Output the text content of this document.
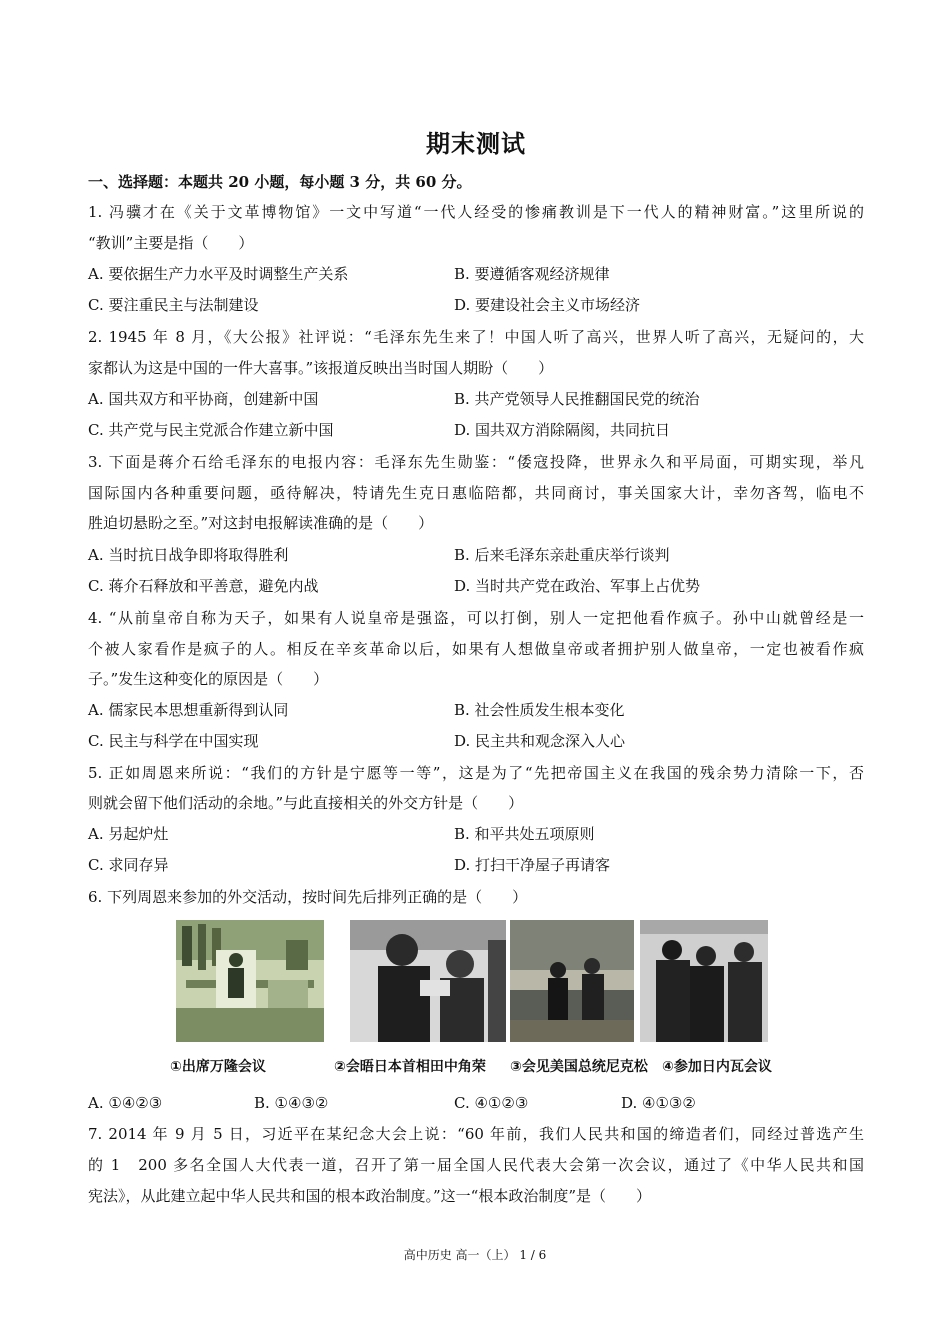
期末测试
一、选择题：本题共 20 小题，每小题 3 分，共 60 分。
1. 冯骥才在《关于文革博物馆》一文中写道“一代人经受的惨痛教训是下一代人的精神财富。”这里所说的
“教训”主要是指（　　）
A. 要依据生产力水平及时调整生产关系	B. 要遵循客观经济规律
C. 要注重民主与法制建设	D. 要建设社会主义市场经济
2. 1945 年 8 月，《大公报》社评说：“毛泽东先生来了！中国人听了高兴，世界人听了高兴，无疑问的，大
家都认为这是中国的一件大喜事。”该报道反映出当时国人期盼（　　）
A. 国共双方和平协商，创建新中国	B. 共产党领导人民推翻国民党的统治
C. 共产党与民主党派合作建立新中国	D. 国共双方消除隔阂，共同抗日
3. 下面是蒋介石给毛泽东的电报内容：毛泽东先生勋鉴：“倭寇投降，世界永久和平局面，可期实现，举凡
国际国内各种重要问题，亟待解决，特请先生克日惠临陪都，共同商讨，事关国家大计，幸勿吝驾，临电不
胜迫切悬盼之至。”对这封电报解读准确的是（　　）
A. 当时抗日战争即将取得胜利	B. 后来毛泽东亲赴重庆举行谈判
C. 蒋介石释放和平善意，避免内战	D. 当时共产党在政治、军事上占优势
4. “从前皇帝自称为天子，如果有人说皇帝是强盗，可以打倒，别人一定把他看作疯子。孙中山就曾经是一
个被人家看作是疯子的人。相反在辛亥革命以后，如果有人想做皇帝或者拥护别人做皇帝，一定也被看作疯
子。”发生这种变化的原因是（　　）
A. 儒家民本思想重新得到认同	B. 社会性质发生根本变化
C. 民主与科学在中国实现	D. 民主共和观念深入人心
5. 正如周恩来所说：“我们的方针是宁愿等一等”，这是为了“先把帝国主义在我国的残余势力清除一下，否
则就会留下他们活动的余地。”与此直接相关的外交方针是（　　）
A. 另起炉灶	B. 和平共处五项原则
C. 求同存异	D. 打扫干净屋子再请客
6. 下列周恩来参加的外交活动，按时间先后排列正确的是（　　）
A. ①④②③	B. ①④③②	C. ④①②③	D. ④①③②
7. 2014 年 9 月 5 日，习近平在某纪念大会上说：“60 年前，我们人民共和国的缔造者们，同经过普选产生
的 1　200 多名全国人大代表一道，召开了第一届全国人民代表大会第一次会议，通过了《中华人民共和国
宪法》，从此建立起中华人民共和国的根本政治制度。”这一“根本政治制度”是（　　）
①出席万隆会议	②会晤日本首相田中角荣 ③会见美国总统尼克松 ④参加日内瓦会议
高中历史 高一（上） 1 / 6
